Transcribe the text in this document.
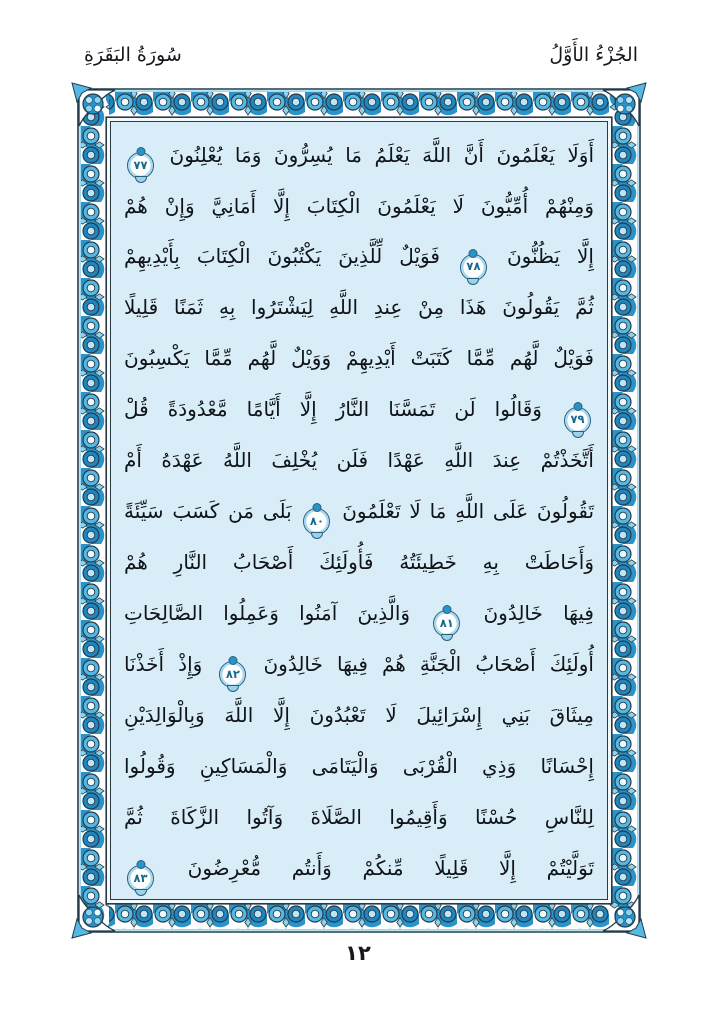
الجُزْءُ الأَوَّلُ
سُورَةُ البَقَرَةِ
أَوَلَا يَعْلَمُونَ أَنَّ اللَّهَ يَعْلَمُ مَا يُسِرُّونَ وَمَا يُعْلِنُونَ
٧٧
وَمِنْهُمْ أُمِّيُّونَ لَا يَعْلَمُونَ الْكِتَابَ إِلَّا أَمَانِيَّ وَإِنْ هُمْ
إِلَّا يَظُنُّونَ
٧٨
فَوَيْلٌ لِّلَّذِينَ يَكْتُبُونَ الْكِتَابَ بِأَيْدِيهِمْ
ثُمَّ يَقُولُونَ هَذَا مِنْ عِندِ اللَّهِ لِيَشْتَرُوا بِهِ ثَمَنًا قَلِيلًا
فَوَيْلٌ لَّهُم مِّمَّا كَتَبَتْ أَيْدِيهِمْ وَوَيْلٌ لَّهُم مِّمَّا يَكْسِبُونَ
٧٩
وَقَالُوا لَن تَمَسَّنَا النَّارُ إِلَّا أَيَّامًا مَّعْدُودَةً قُلْ
أَتَّخَذْتُمْ عِندَ اللَّهِ عَهْدًا فَلَن يُخْلِفَ اللَّهُ عَهْدَهُ أَمْ
تَقُولُونَ عَلَى اللَّهِ مَا لَا تَعْلَمُونَ
٨٠
بَلَى مَن كَسَبَ سَيِّئَةً
وَأَحَاطَتْ بِهِ خَطِيئَتُهُ فَأُولَئِكَ أَصْحَابُ النَّارِ هُمْ
فِيهَا خَالِدُونَ
٨١
وَالَّذِينَ آمَنُوا وَعَمِلُوا الصَّالِحَاتِ
أُولَئِكَ أَصْحَابُ الْجَنَّةِ هُمْ فِيهَا خَالِدُونَ
٨٢
وَإِذْ أَخَذْنَا
مِيثَاقَ بَنِي إِسْرَائِيلَ لَا تَعْبُدُونَ إِلَّا اللَّهَ وَبِالْوَالِدَيْنِ
إِحْسَانًا وَذِي الْقُرْبَى وَالْيَتَامَى وَالْمَسَاكِينِ وَقُولُوا
لِلنَّاسِ حُسْنًا وَأَقِيمُوا الصَّلَاةَ وَآتُوا الزَّكَاةَ ثُمَّ
تَوَلَّيْتُمْ إِلَّا قَلِيلًا مِّنكُمْ وَأَنتُم مُّعْرِضُونَ
٨٣
١٢
